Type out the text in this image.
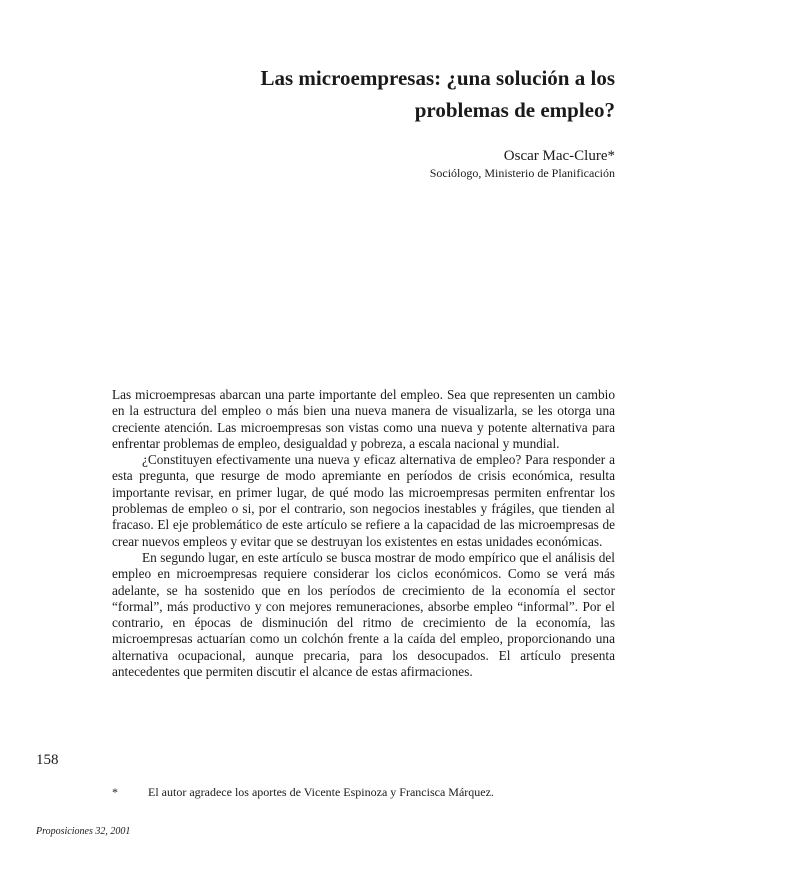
Las microempresas: ¿una solución a los
problemas de empleo?
Oscar Mac-Clure*
Sociólogo, Ministerio de Planificación

Las microempresas abarcan una parte importante del empleo. Sea que representen un cambio en la estructura del empleo o más bien una nueva manera de visualizarla, se les otorga una creciente atención. Las microempresas son vistas como una nueva y potente alternativa para enfrentar problemas de empleo, desigualdad y pobreza, a escala nacional y mundial.

¿Constituyen efectivamente una nueva y eficaz alternativa de empleo? Para responder a esta pregunta, que resurge de modo apremiante en períodos de crisis económica, resulta importante revisar, en primer lugar, de qué modo las microempresas permiten enfrentar los problemas de empleo o si, por el contrario, son negocios inestables y frágiles, que tienden al fracaso. El eje problemático de este artículo se refiere a la capacidad de las microempresas de crear nuevos empleos y evitar que se destruyan los existentes en estas unidades económicas.

En segundo lugar, en este artículo se busca mostrar de modo empírico que el análisis del empleo en microempresas requiere considerar los ciclos económicos. Como se verá más adelante, se ha sostenido que en los períodos de crecimiento de la economía el sector “formal”, más productivo y con mejores remuneraciones, absorbe empleo “informal”. Por el contrario, en épocas de disminución del ritmo de crecimiento de la economía, las microempresas actuarían como un colchón frente a la caída del empleo, proporcionando una alternativa ocupacional, aunque precaria, para los desocupados. El artículo presenta antecedentes que permiten discutir el alcance de estas afirmaciones.

158
*	El autor agradece los aportes de Vicente Espinoza y Francisca Márquez.
Proposiciones 32, 2001
